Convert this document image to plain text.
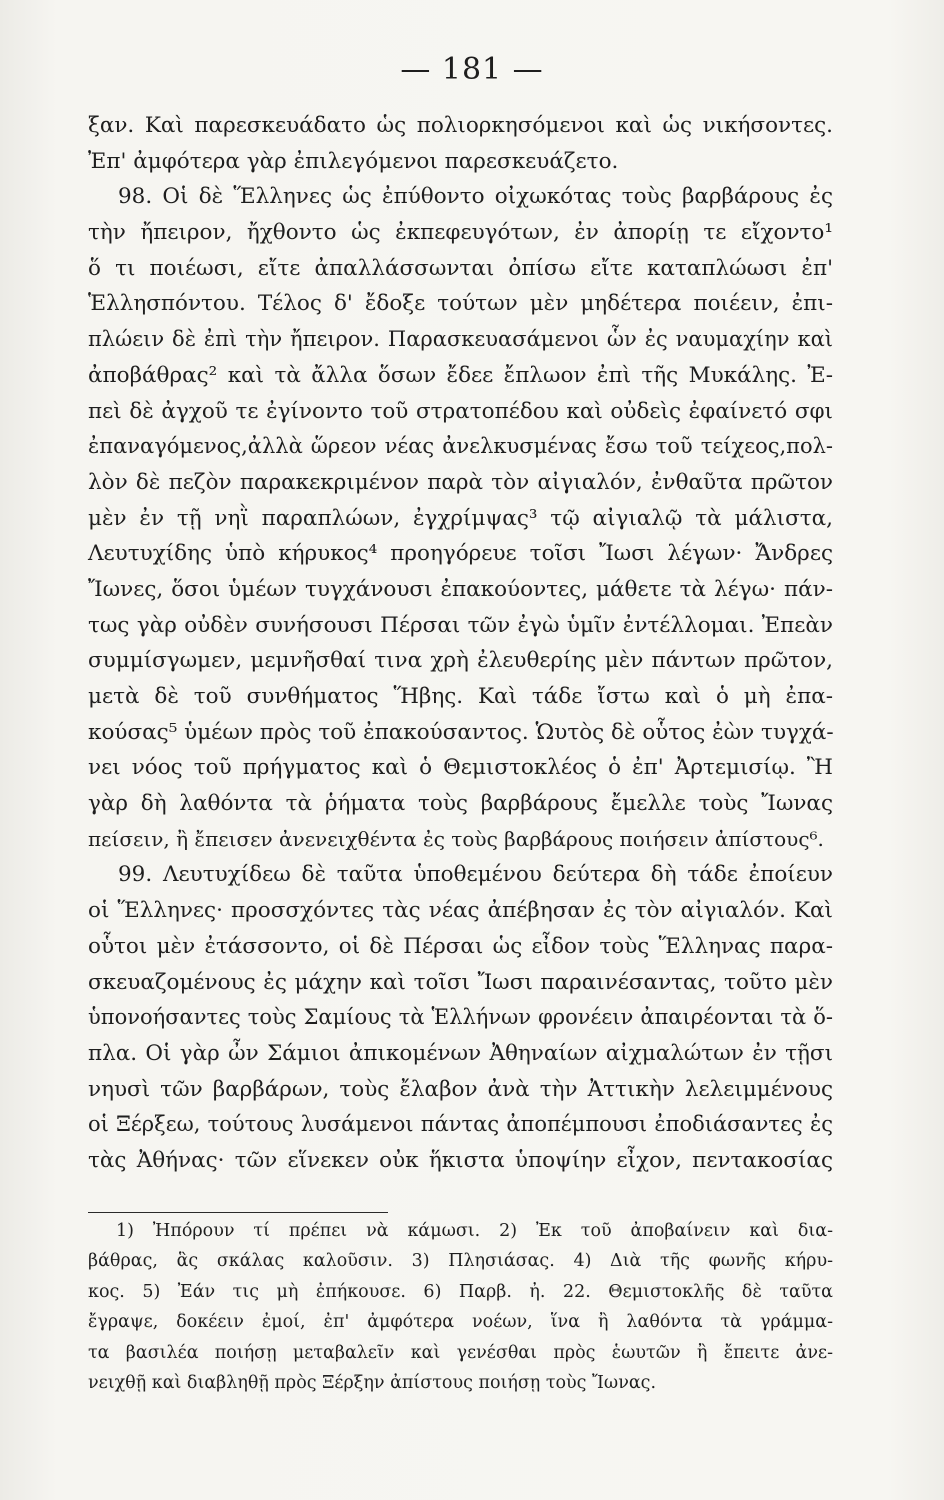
— 181 —
ξαν. Καὶ παρεσκευάδατο ὡς πολιορκησόμενοι καὶ ὡς νικήσοντες.
Ἐπ' ἀμφότερα γὰρ ἐπιλεγόμενοι παρεσκευάζετο.
98. Οἱ δὲ Ἕλληνες ὡς ἐπύθοντο οἰχωκότας τοὺς βαρβάρους ἐς
τὴν ἤπειρον, ἤχθοντο ὡς ἐκπεφευγότων, ἐν ἀπορίῃ τε εἴχοντο¹
ὅ τι ποιέωσι, εἴτε ἀπαλλάσσωνται ὀπίσω εἴτε καταπλώωσι ἐπ'
Ἑλλησπόντου. Τέλος δ' ἔδοξε τούτων μὲν μηδέτερα ποιέειν, ἐπι-
πλώειν δὲ ἐπὶ τὴν ἤπειρον. Παρασκευασάμενοι ὧν ἐς ναυμαχίην καὶ
ἀποβάθρας² καὶ τὰ ἄλλα ὅσων ἔδεε ἔπλωον ἐπὶ τῆς Μυκάλης. Ἐ-
πεὶ δὲ ἀγχοῦ τε ἐγίνοντο τοῦ στρατοπέδου καὶ οὐδεὶς ἐφαίνετό σφι
ἐπαναγόμενος,ἀλλὰ ὥρεον νέας ἀνελκυσμένας ἔσω τοῦ τείχεος,πολ-
λὸν δὲ πεζὸν παρακεκριμένον παρὰ τὸν αἰγιαλόν, ἐνθαῦτα πρῶτον
μὲν ἐν τῇ νηῒ παραπλώων, ἐγχρίμψας³ τῷ αἰγιαλῷ τὰ μάλιστα,
Λευτυχίδης ὑπὸ κήρυκος⁴ προηγόρευε τοῖσι Ἴωσι λέγων· Ἄνδρες
Ἴωνες, ὅσοι ὑμέων τυγχάνουσι ἐπακούοντες, μάθετε τὰ λέγω· πάν-
τως γὰρ οὐδὲν συνήσουσι Πέρσαι τῶν ἐγὼ ὑμῖν ἐντέλλομαι. Ἐπεὰν
συμμίσγωμεν, μεμνῆσθαί τινα χρὴ ἐλευθερίης μὲν πάντων πρῶτον,
μετὰ δὲ τοῦ συνθήματος Ἥβης. Καὶ τάδε ἴστω καὶ ὁ μὴ ἐπα-
κούσας⁵ ὑμέων πρὸς τοῦ ἐπακούσαντος. Ὡυτὸς δὲ οὗτος ἐὼν τυγχά-
νει νόος τοῦ πρήγματος καὶ ὁ Θεμιστοκλέος ὁ ἐπ' Ἀρτεμισίῳ. Ἢ
γὰρ δὴ λαθόντα τὰ ῥήματα τοὺς βαρβάρους ἔμελλε τοὺς Ἴωνας
πείσειν, ἢ ἔπεισεν ἀνενειχθέντα ἐς τοὺς βαρβάρους ποιήσειν ἀπίστους⁶.
99. Λευτυχίδεω δὲ ταῦτα ὑποθεμένου δεύτερα δὴ τάδε ἐποίευν
οἱ Ἕλληνες· προσσχόντες τὰς νέας ἀπέβησαν ἐς τὸν αἰγιαλόν. Καὶ
οὗτοι μὲν ἐτάσσοντο, οἱ δὲ Πέρσαι ὡς εἶδον τοὺς Ἕλληνας παρα-
σκευαζομένους ἐς μάχην καὶ τοῖσι Ἴωσι παραινέσαντας, τοῦτο μὲν
ὑπονοήσαντες τοὺς Σαμίους τὰ Ἑλλήνων φρονέειν ἀπαιρέονται τὰ ὅ-
πλα. Οἱ γὰρ ὦν Σάμιοι ἀπικομένων Ἀθηναίων αἰχμαλώτων ἐν τῇσι
νηυσὶ τῶν βαρβάρων, τοὺς ἔλαβον ἀνὰ τὴν Ἀττικὴν λελειμμένους
οἱ Ξέρξεω, τούτους λυσάμενοι πάντας ἀποπέμπουσι ἐποδιάσαντες ἐς
τὰς Ἀθήνας· τῶν εἵνεκεν οὐκ ἥκιστα ὑποψίην εἶχον, πεντακοσίας
1) Ἠπόρουν τί πρέπει νὰ κάμωσι. 2) Ἐκ τοῦ ἀποβαίνειν καὶ δια-
βάθρας, ἃς σκάλας καλοῦσιν. 3) Πλησιάσας. 4) Διὰ τῆς φωνῆς κήρυ-
κος. 5) Ἐάν τις μὴ ἐπήκουσε. 6) Παρβ. ἠ. 22. Θεμιστοκλῆς δὲ ταῦτα
ἔγραψε, δοκέειν ἐμοί, ἐπ' ἀμφότερα νοέων, ἵνα ἢ λαθόντα τὰ γράμμα-
τα βασιλέα ποιήσῃ μεταβαλεῖν καὶ γενέσθαι πρὸς ἑωυτῶν ἢ ἔπειτε ἀνε-
νειχθῇ καὶ διαβληθῇ πρὸς Ξέρξην ἀπίστους ποιήσῃ τοὺς Ἴωνας.
